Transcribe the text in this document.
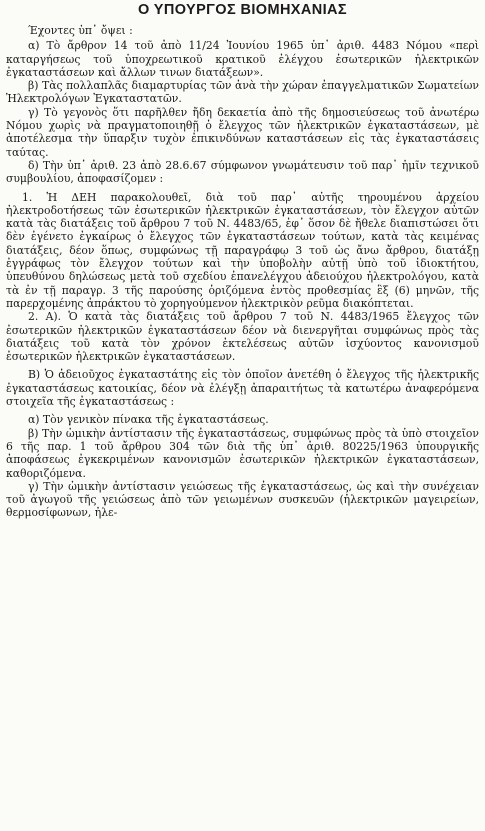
Ο ΥΠΟΥΡΓΟΣ ΒΙΟΜΗΧΑΝΙΑΣ

Έχοντες ὑπ᾽ ὄψει :

α) Τὸ ἄρθρον 14 τοῦ ἀπὸ 11/24 Ἰουνίου 1965 ὑπ᾽ ἀριθ. 4483 Νόμου «περὶ καταργήσεως τοῦ ὑποχρεωτικοῦ κρατικοῦ ἐλέγχου ἐσωτερικῶν ἠλεκτρικῶν ἐγκαταστάσεων καὶ ἄλλων τινων διατάξεων».

β) Τὰς πολλαπλᾶς διαμαρτυρίας τῶν ἀνὰ τὴν χώραν ἐπαγγελματικῶν Σωματείων Ἠλεκτρολόγων Ἐγκαταστατῶν.

γ) Τὸ γεγονὸς ὅτι παρῆλθεν ἤδη δεκαετία ἀπὸ τῆς δημοσιεύσεως τοῦ ἀνωτέρω Νόμου χωρὶς νὰ πραγματοποιηθῇ ὁ ἔλεγχος τῶν ἠλεκτρικῶν ἐγκαταστάσεων, μὲ ἀποτέλεσμα τὴν ὕπαρξιν τυχὸν ἐπικινδύνων καταστάσεων εἰς τὰς ἐγκαταστάσεις ταύτας.

δ) Τὴν ὑπ᾽ ἀριθ. 23 ἀπὸ 28.6.67 σύμφωνον γνωμάτευσιν τοῦ παρ᾽ ἡμῖν τεχνικοῦ συμβουλίου, ἀποφασίζομεν :

1. Ἡ ΔΕΗ παρακολουθεῖ, διὰ τοῦ παρ᾽ αὐτῆς τηρουμένου ἀρχείου ἠλεκτροδοτήσεως τῶν ἐσωτερικῶν ἠλεκτρικῶν ἐγκαταστάσεων, τὸν ἔλεγχον αὐτῶν κατὰ τὰς διατάξεις τοῦ ἄρθρου 7 τοῦ Ν. 4483/65, ἐφ᾽ ὅσον δὲ ἤθελε διαπιστώσει ὅτι δὲν ἐγένετο ἐγκαίρως ὁ ἔλεγχος τῶν ἐγκαταστάσεων τούτων, κατὰ τὰς κειμένας διατάξεις, δέον ὅπως, συμφώνως τῇ παραγράφῳ 3 τοῦ ὡς ἄνω ἄρθρου, διατάξῃ ἐγγράφως τὸν ἔλεγχον τούτων καὶ τὴν ὑποβολὴν αὐτῇ ὑπὸ τοῦ ἰδιοκτήτου, ὑπευθύνου δηλώσεως μετὰ τοῦ σχεδίου ἐπανελέγχου ἀδειούχου ἠλεκτρολόγου, κατὰ τὰ ἐν τῇ παραγρ. 3 τῆς παρούσης ὁριζόμενα ἐντὸς προθεσμίας ἓξ (6) μηνῶν, τῆς παρερχομένης ἀπράκτου τὸ χορηγούμενον ἠλεκτρικὸν ρεῦμα διακόπτεται.

2. Α). Ὁ κατὰ τὰς διατάξεις τοῦ ἄρθρου 7 τοῦ Ν. 4483/1965 ἔλεγχος τῶν ἐσωτερικῶν ἠλεκτρικῶν ἐγκαταστάσεων δέον νὰ διενεργῆται συμφώνως πρὸς τὰς διατάξεις τοῦ κατὰ τὸν χρόνον ἐκτελέσεως αὐτῶν ἰσχύοντος κανονισμοῦ ἐσωτερικῶν ἠλεκτρικῶν ἐγκαταστάσεων.

Β) Ὁ ἀδειοῦχος ἐγκαταστάτης εἰς τὸν ὁποῖον ἀνετέθη ὁ ἔλεγχος τῆς ἠλεκτρικῆς ἐγκαταστάσεως κατοικίας, δέον νὰ ἐλέγξῃ ἀπαραιτήτως τὰ κατωτέρω ἀναφερόμενα στοιχεῖα τῆς ἐγκαταστάσεως :

α) Τὸν γενικὸν πίνακα τῆς ἐγκαταστάσεως.

β) Τὴν ὡμικὴν ἀντίστασιν τῆς ἐγκαταστάσεως, συμφώνως πρὸς τὰ ὑπὸ στοιχεῖον 6 τῆς παρ. 1 τοῦ ἄρθρου 304 τῶν διὰ τῆς ὑπ᾽ ἀριθ. 80225/1963 ὑπουργικῆς ἀποφάσεως ἐγκεκριμένων κανονισμῶν ἐσωτερικῶν ἠλεκτρικῶν ἐγκαταστάσεων, καθοριζόμενα.

γ) Τὴν ὡμικὴν ἀντίστασιν γειώσεως τῆς ἐγκαταστάσεως, ὡς καὶ τὴν συνέχειαν τοῦ ἀγωγοῦ τῆς γειώσεως ἀπὸ τῶν γειωμένων συσκευῶν (ἠλεκτρικῶν μαγειρείων, θερμοσίφωνων, ἠλε-
